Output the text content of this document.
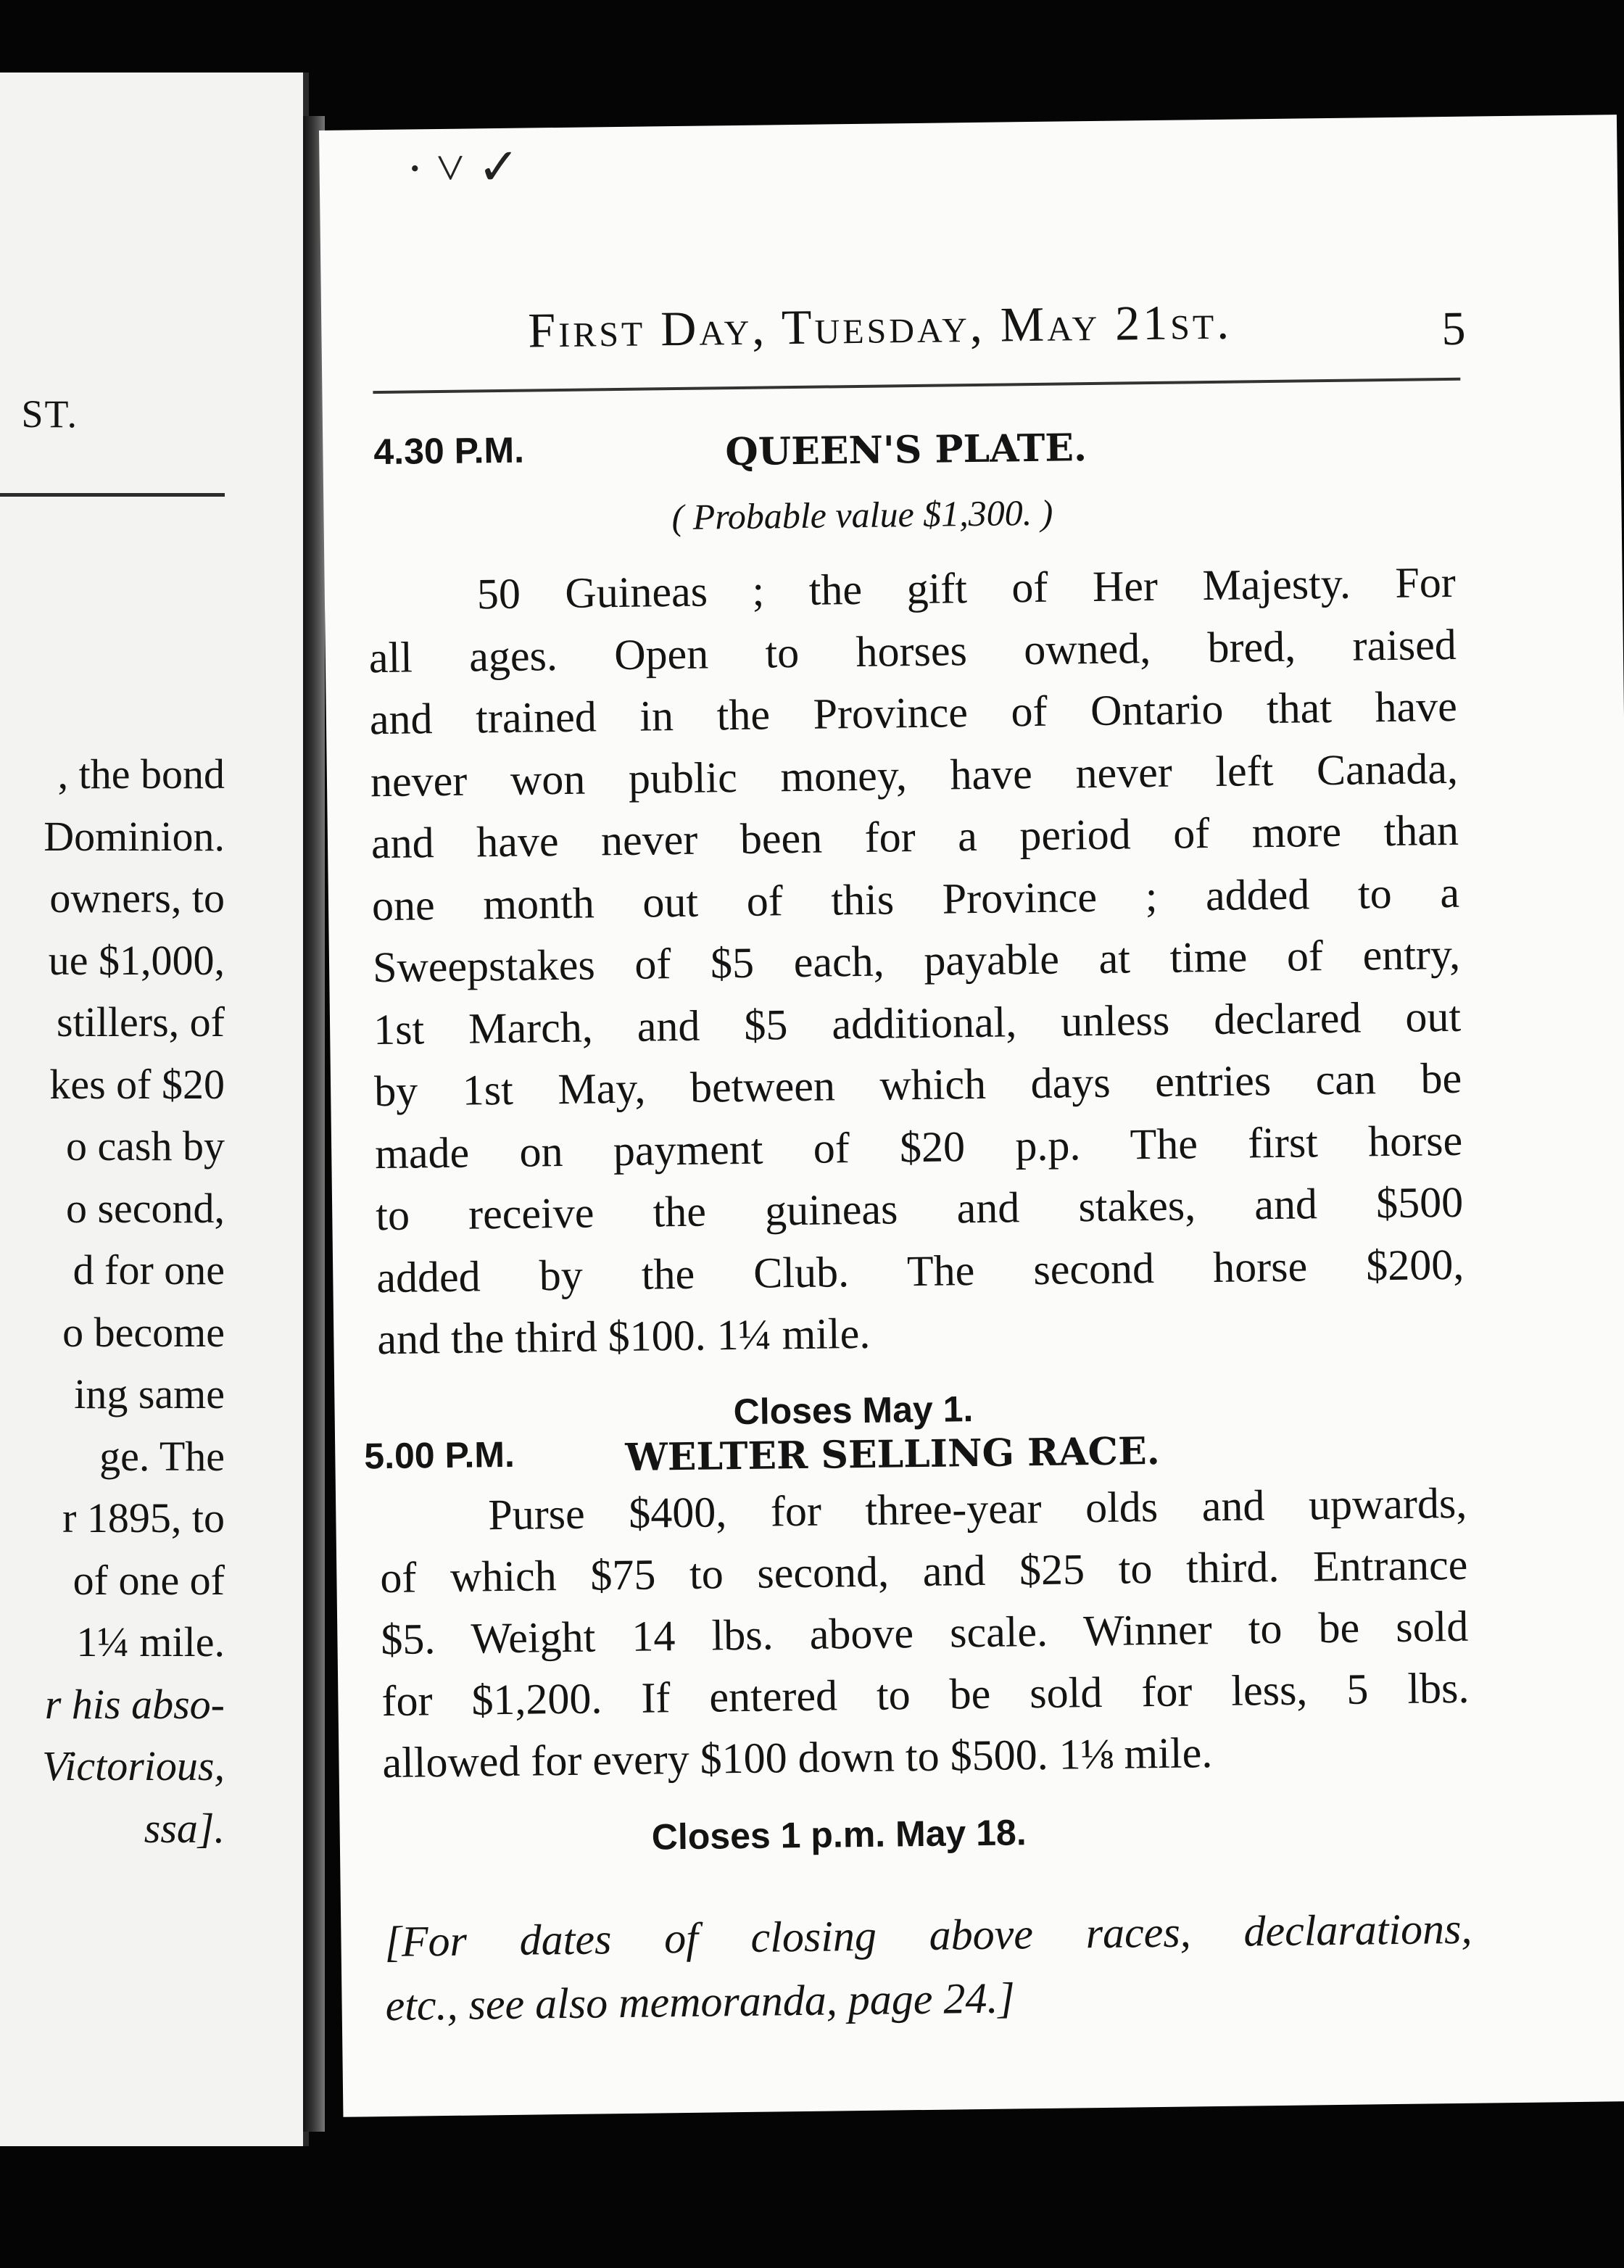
ST.
, the bond
Dominion.
owners, to
ue $1,000,
stillers, of
kes of $20
o cash by
o second,
d for one
o become
ing same
ge. The
r 1895, to
of one of
1¼ mile.
r his abso-
Victorious,
ssa].
· ˅ ✓
First Day, Tuesday, May 21st.	5
4.30 P.M.	QUEEN'S PLATE.
( Probable value $1,300. )
50 Guineas ; the gift of Her Majesty. For
all ages. Open to horses owned, bred, raised
and trained in the Province of Ontario that have
never won public money, have never left Canada,
and have never been for a period of more than
one month out of this Province ; added to a
Sweepstakes of $5 each, payable at time of entry,
1st March, and $5 additional, unless declared out
by 1st May, between which days entries can be
made on payment of $20 p.p. The first horse
to receive the guineas and stakes, and $500
added by the Club. The second horse $200,
and the third $100. 1¼ mile.
Closes May 1.
5.00 P.M.	WELTER SELLING RACE.
Purse $400, for three-year olds and upwards,
of which $75 to second, and $25 to third. Entrance
$5. Weight 14 lbs. above scale. Winner to be sold
for $1,200. If entered to be sold for less, 5 lbs.
allowed for every $100 down to $500. 1⅛ mile.
Closes 1 p.m. May 18.
[For dates of closing above races, declarations,
etc., see also memoranda, page 24.]
